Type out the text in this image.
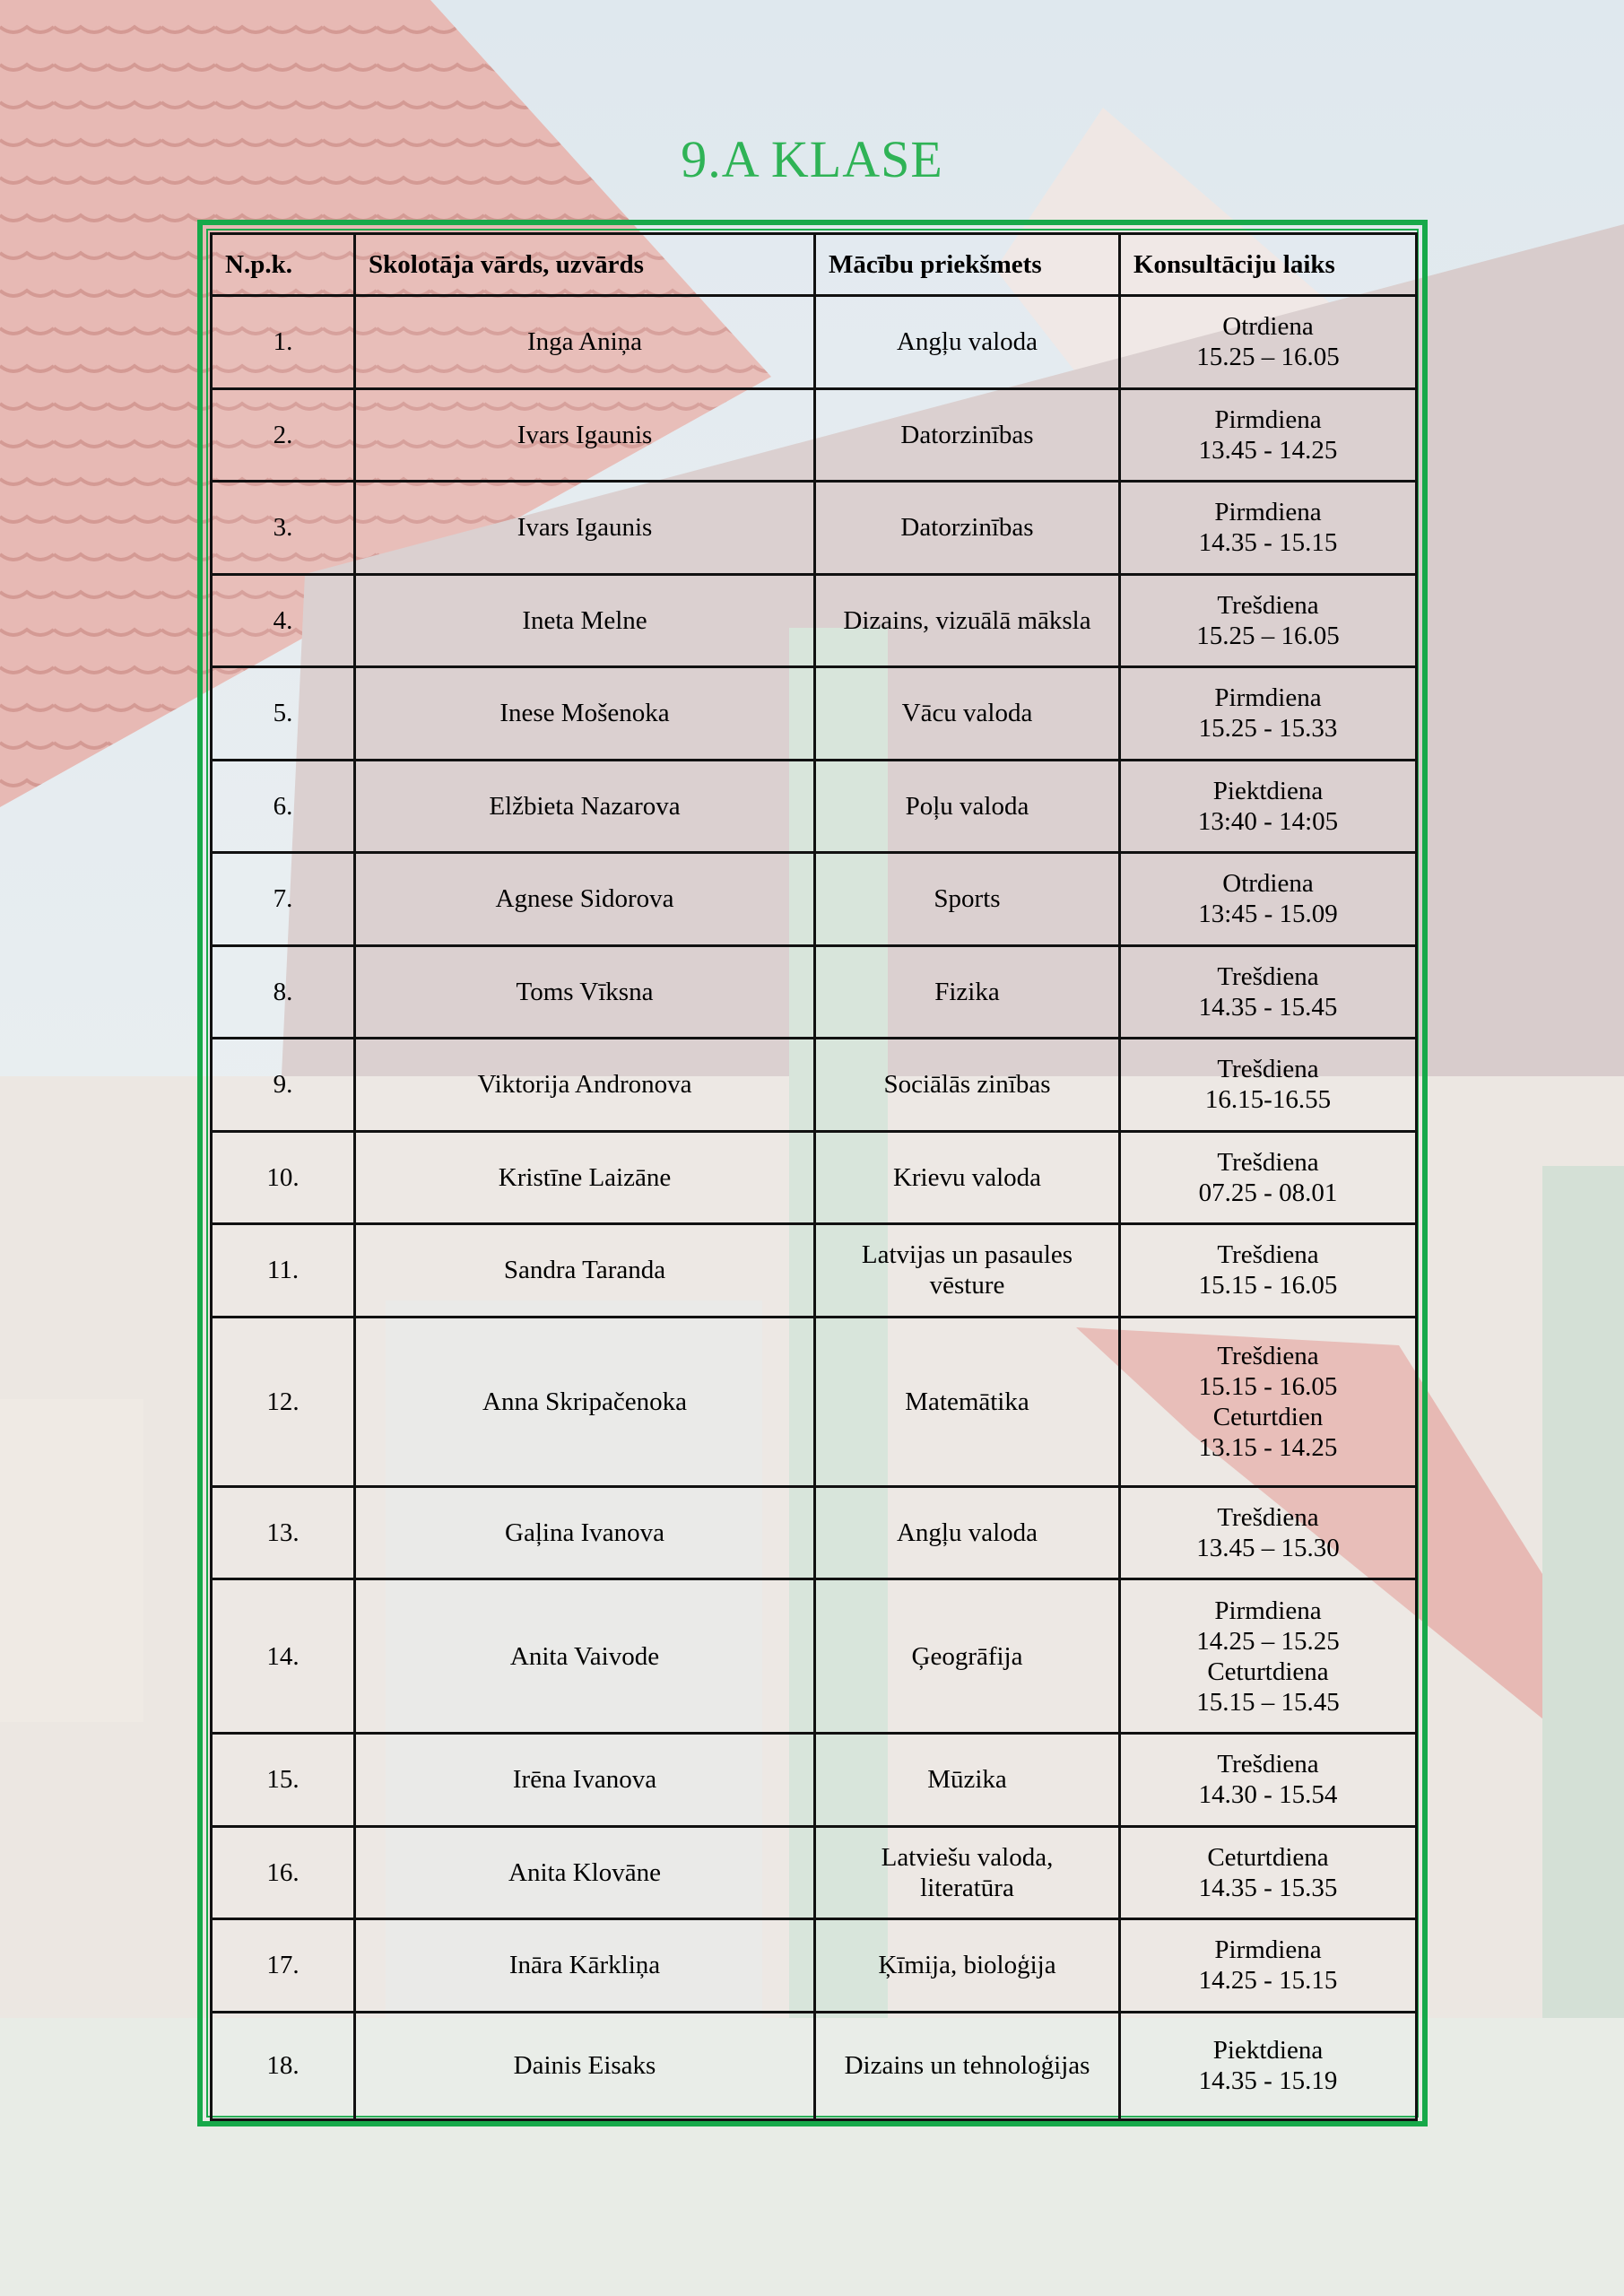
9.A KLASE
N.p.k.	Skolotāja vārds, uzvārds	Mācību priekšmets	Konsultāciju laiks
1.	Inga Aniņa	Angļu valoda	Otrdiena
15.25 – 16.05

2.	Ivars Igaunis	Datorzinības	Pirmdiena
13.45 - 14.25

3.	Ivars Igaunis	Datorzinības	Pirmdiena
14.35 - 15.15

4.	Ineta Melne	Dizains, vizuālā māksla	Trešdiena
15.25 – 16.05

5.	Inese Mošenoka	Vācu valoda	Pirmdiena
15.25 - 15.33

6.	Elžbieta Nazarova	Poļu valoda	Piektdiena
13:40 - 14:05

7.	Agnese Sidorova	Sports	Otrdiena
13:45 - 15.09

8.	Toms Vīksna	Fizika	Trešdiena
14.35 - 15.45

9.	Viktorija Andronova	Sociālās zinības	Trešdiena
16.15-16.55

10.	Kristīne Laizāne	Krievu valoda	Trešdiena
07.25 - 08.01

11.	Sandra Taranda	Latvijas un pasaules
vēsture	Trešdiena
15.15 - 16.05

12.	Anna Skripačenoka	Matemātika	Trešdiena
15.15 - 16.05
Ceturtdien
13.15 - 14.25

13.	Gaļina Ivanova	Angļu valoda	Trešdiena
13.45 – 15.30

14.	Anita Vaivode	Ģeogrāfija	Pirmdiena
14.25 – 15.25
Ceturtdiena
15.15 – 15.45

15.	Irēna Ivanova	Mūzika	Trešdiena
14.30 - 15.54

16.	Anita Klovāne	Latviešu valoda,
literatūra	Ceturtdiena
14.35 - 15.35

17.	Ināra Kārkliņa	Ķīmija, bioloģija	Pirmdiena
14.25 - 15.15

18.	Dainis Eisaks	Dizains un tehnoloģijas	Piektdiena
14.35 - 15.19
